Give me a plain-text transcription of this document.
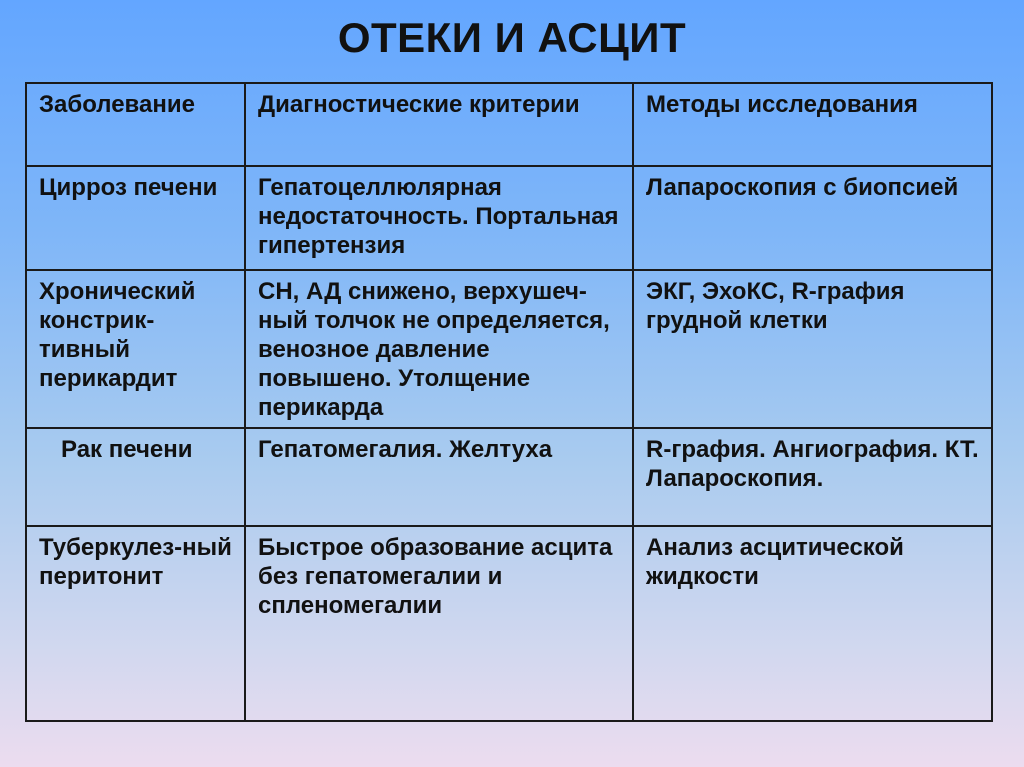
ОТЕКИ И АСЦИТ
Заболевание	Диагностические критерии	Методы исследования
Цирроз печени	Гепатоцеллюлярная недостаточность. Портальная гипертензия	Лапароскопия с биопсией
Хронический констрик-тивный перикардит	СН, АД снижено, верхушеч-ный толчок не определяется, венозное давление повышено. Утолщение перикарда	ЭКГ, ЭхоКС, R-графия грудной клетки
Рак печени	Гепатомегалия. Желтуха	R-графия. Ангиография. КТ. Лапароскопия.
Туберкулез-ный перитонит	Быстрое образование асцита без гепатомегалии и спленомегалии	Анализ асцитической жидкости
